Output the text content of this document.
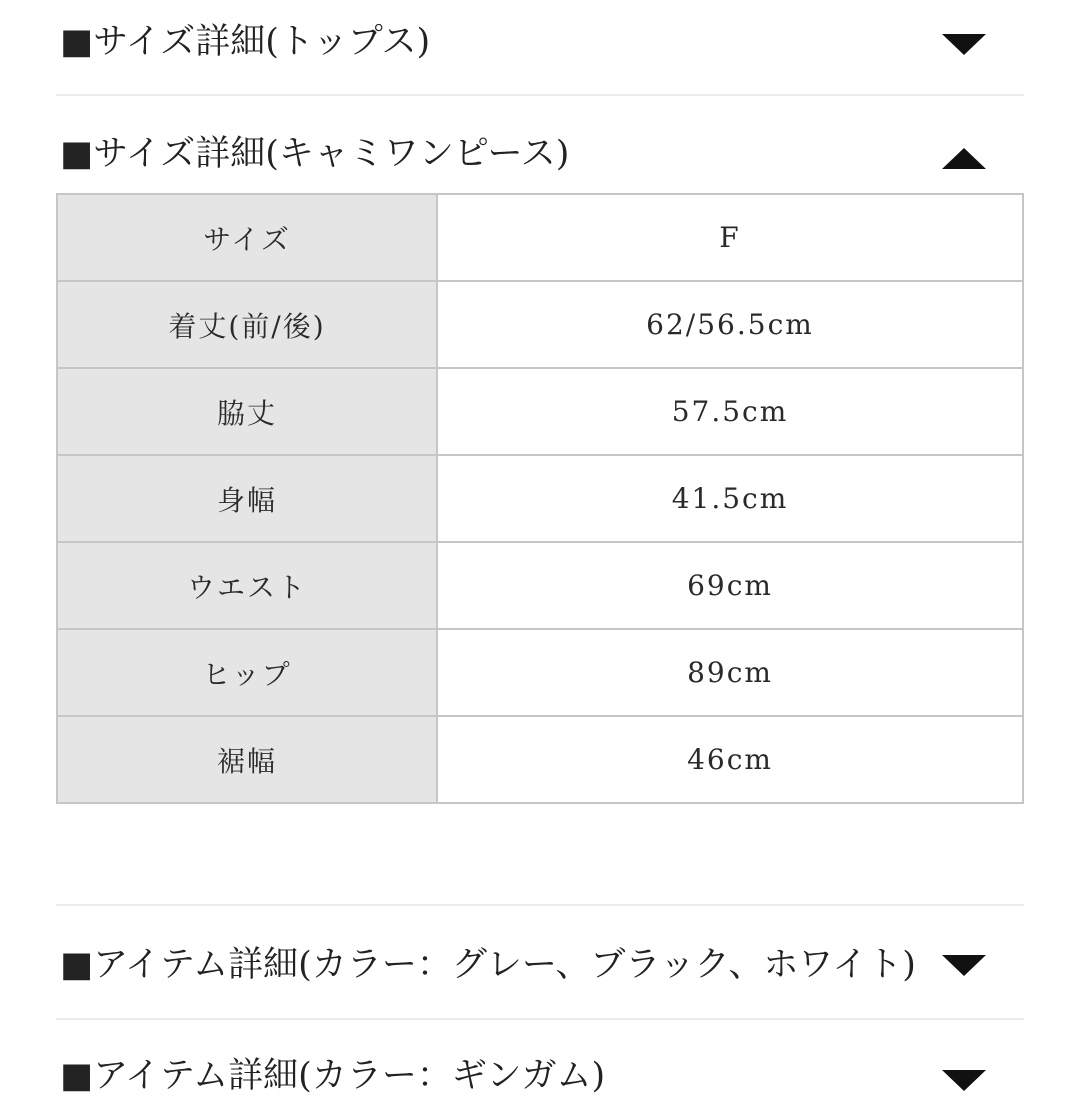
■サイズ詳細(トップス)
■サイズ詳細(キャミワンピース)
サイズ	F
着丈(前/後)	62/56.5cm
脇丈	57.5cm
身幅	41.5cm
ウエスト	69cm
ヒップ	89cm
裾幅	46cm
■アイテム詳細(カラー：グレー、ブラック、ホワイト)
■アイテム詳細(カラー：ギンガム)
